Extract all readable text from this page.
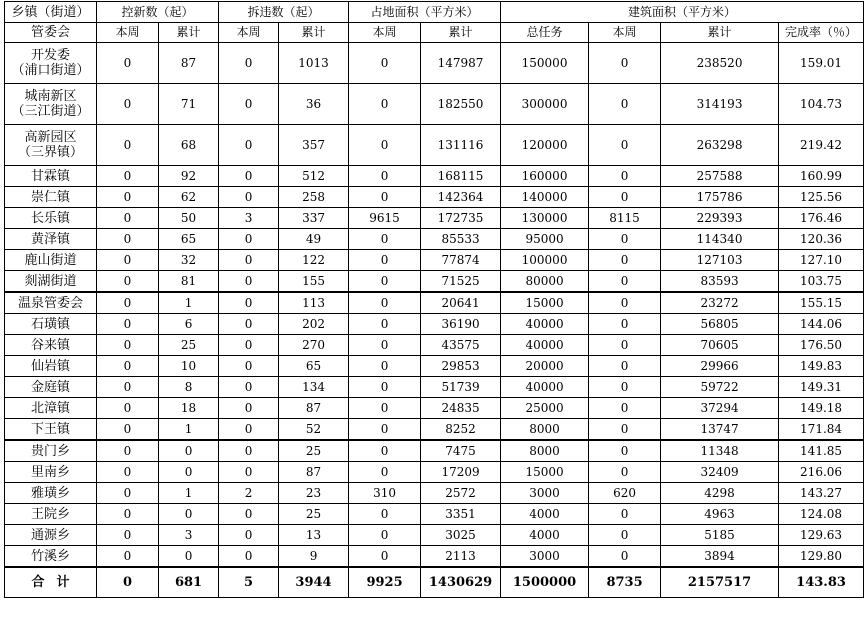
乡镇（街道）	控新数（起）		拆违数（起）		占地面积（平方米）		建筑面积（平方米）			
管委会	本周	累计	本周	累计	本周	累计	总任务	本周	累计	完成率（％）

开发委
（浦口街道）	0	87	0	1013	0	147987	150000	0	238520	159.01

城南新区
（三江街道）	0	71	0	36	0	182550	300000	0	314193	104.73

高新园区
（三界镇）	0	68	0	357	0	131116	120000	0	263298	219.42
甘霖镇	0	92	0	512	0	168115	160000	0	257588	160.99
崇仁镇	0	62	0	258	0	142364	140000	0	175786	125.56
长乐镇	0	50	3	337	9615	172735	130000	8115	229393	176.46
黄泽镇	0	65	0	49	0	85533	95000	0	114340	120.36
鹿山街道	0	32	0	122	0	77874	100000	0	127103	127.10
剡湖街道	0	81	0	155	0	71525	80000	0	83593	103.75
温泉管委会	0	1	0	113	0	20641	15000	0	23272	155.15
石璜镇	0	6	0	202	0	36190	40000	0	56805	144.06
谷来镇	0	25	0	270	0	43575	40000	0	70605	176.50
仙岩镇	0	10	0	65	0	29853	20000	0	29966	149.83
金庭镇	0	8	0	134	0	51739	40000	0	59722	149.31
北漳镇	0	18	0	87	0	24835	25000	0	37294	149.18
下王镇	0	1	0	52	0	8252	8000	0	13747	171.84
贵门乡	0	0	0	25	0	7475	8000	0	11348	141.85
里南乡	0	0	0	87	0	17209	15000	0	32409	216.06
雅璜乡	0	1	2	23	310	2572	3000	620	4298	143.27
王院乡	0	0	0	25	0	3351	4000	0	4963	124.08
通源乡	0	3	0	13	0	3025	4000	0	5185	129.63
竹溪乡	0	0	0	9	0	2113	3000	0	3894	129.80
合计	0	681	5	3944	9925	1430629	1500000	8735	2157517	143.83
